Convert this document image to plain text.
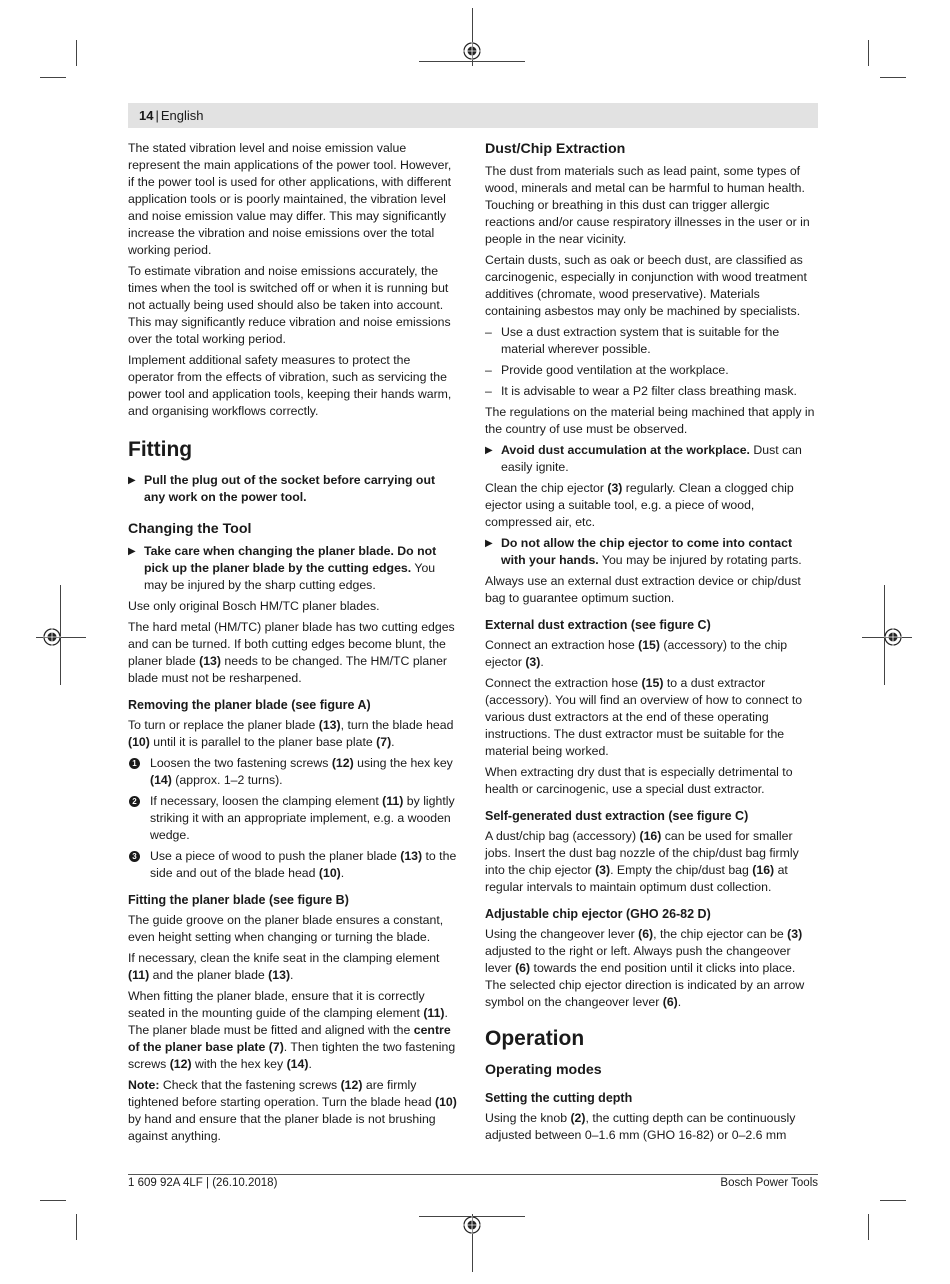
14 | English

The stated vibration level and noise emission value represent the main applications of the power tool. However, if the power tool is used for other applications, with different application tools or is poorly maintained, the vibration level and noise emission value may differ. This may significantly increase the vibration and noise emissions over the total working period.

To estimate vibration and noise emissions accurately, the times when the tool is switched off or when it is running but not actually being used should also be taken into account. This may significantly reduce vibration and noise emissions over the total working period.

Implement additional safety measures to protect the operator from the effects of vibration, such as servicing the power tool and application tools, keeping their hands warm, and organising workflows correctly.

Fitting
▶ Pull the plug out of the socket before carrying out any work on the power tool.
Changing the Tool
▶ Take care when changing the planer blade. Do not pick up the planer blade by the cutting edges. You may be injured by the sharp cutting edges.

Use only original Bosch HM/TC planer blades.

The hard metal (HM/TC) planer blade has two cutting edges and can be turned. If both cutting edges become blunt, the planer blade (13) needs to be changed. The HM/TC planer blade must not be resharpened.

Removing the planer blade (see figure A)

To turn or replace the planer blade (13), turn the blade head (10) until it is parallel to the planer base plate (7).

1 Loosen the two fastening screws (12) using the hex key (14) (approx. 1–2 turns).
2 If necessary, loosen the clamping element (11) by lightly striking it with an appropriate implement, e.g. a wooden wedge.
3 Use a piece of wood to push the planer blade (13) to the side and out of the blade head (10).
Fitting the planer blade (see figure B)

The guide groove on the planer blade ensures a constant, even height setting when changing or turning the blade.

If necessary, clean the knife seat in the clamping element (11) and the planer blade (13).

When fitting the planer blade, ensure that it is correctly seated in the mounting guide of the clamping element (11). The planer blade must be fitted and aligned with the centre of the planer base plate (7). Then tighten the two fastening screws (12) with the hex key (14).

Note: Check that the fastening screws (12) are firmly tightened before starting operation. Turn the blade head (10) by hand and ensure that the planer blade is not brushing against anything.

Dust/Chip Extraction

The dust from materials such as lead paint, some types of wood, minerals and metal can be harmful to human health. Touching or breathing in this dust can trigger allergic reactions and/or cause respiratory illnesses in the user or in people in the near vicinity.

Certain dusts, such as oak or beech dust, are classified as carcinogenic, especially in conjunction with wood treatment additives (chromate, wood preservative). Materials containing asbestos may only be machined by specialists.

– Use a dust extraction system that is suitable for the material wherever possible.
– Provide good ventilation at the workplace.
– It is advisable to wear a P2 filter class breathing mask.

The regulations on the material being machined that apply in the country of use must be observed.

▶ Avoid dust accumulation at the workplace. Dust can easily ignite.

Clean the chip ejector (3) regularly. Clean a clogged chip ejector using a suitable tool, e.g. a piece of wood, compressed air, etc.

▶ Do not allow the chip ejector to come into contact with your hands. You may be injured by rotating parts.

Always use an external dust extraction device or chip/dust bag to guarantee optimum suction.

External dust extraction (see figure C)

Connect an extraction hose (15) (accessory) to the chip ejector (3).

Connect the extraction hose (15) to a dust extractor (accessory). You will find an overview of how to connect to various dust extractors at the end of these operating instructions. The dust extractor must be suitable for the material being worked.

When extracting dry dust that is especially detrimental to health or carcinogenic, use a special dust extractor.

Self-generated dust extraction (see figure C)

A dust/chip bag (accessory) (16) can be used for smaller jobs. Insert the dust bag nozzle of the chip/dust bag firmly into the chip ejector (3). Empty the chip/dust bag (16) at regular intervals to maintain optimum dust collection.

Adjustable chip ejector (GHO 26-82 D)

Using the changeover lever (6), the chip ejector can be (3) adjusted to the right or left. Always push the changeover lever (6) towards the end position until it clicks into place. The selected chip ejector direction is indicated by an arrow symbol on the changeover lever (6).

Operation
Operating modes
Setting the cutting depth

Using the knob (2), the cutting depth can be continuously adjusted between 0–1.6 mm (GHO 16-82) or 0–2.6 mm

1 609 92A 4LF | (26.10.2018)	Bosch Power Tools
